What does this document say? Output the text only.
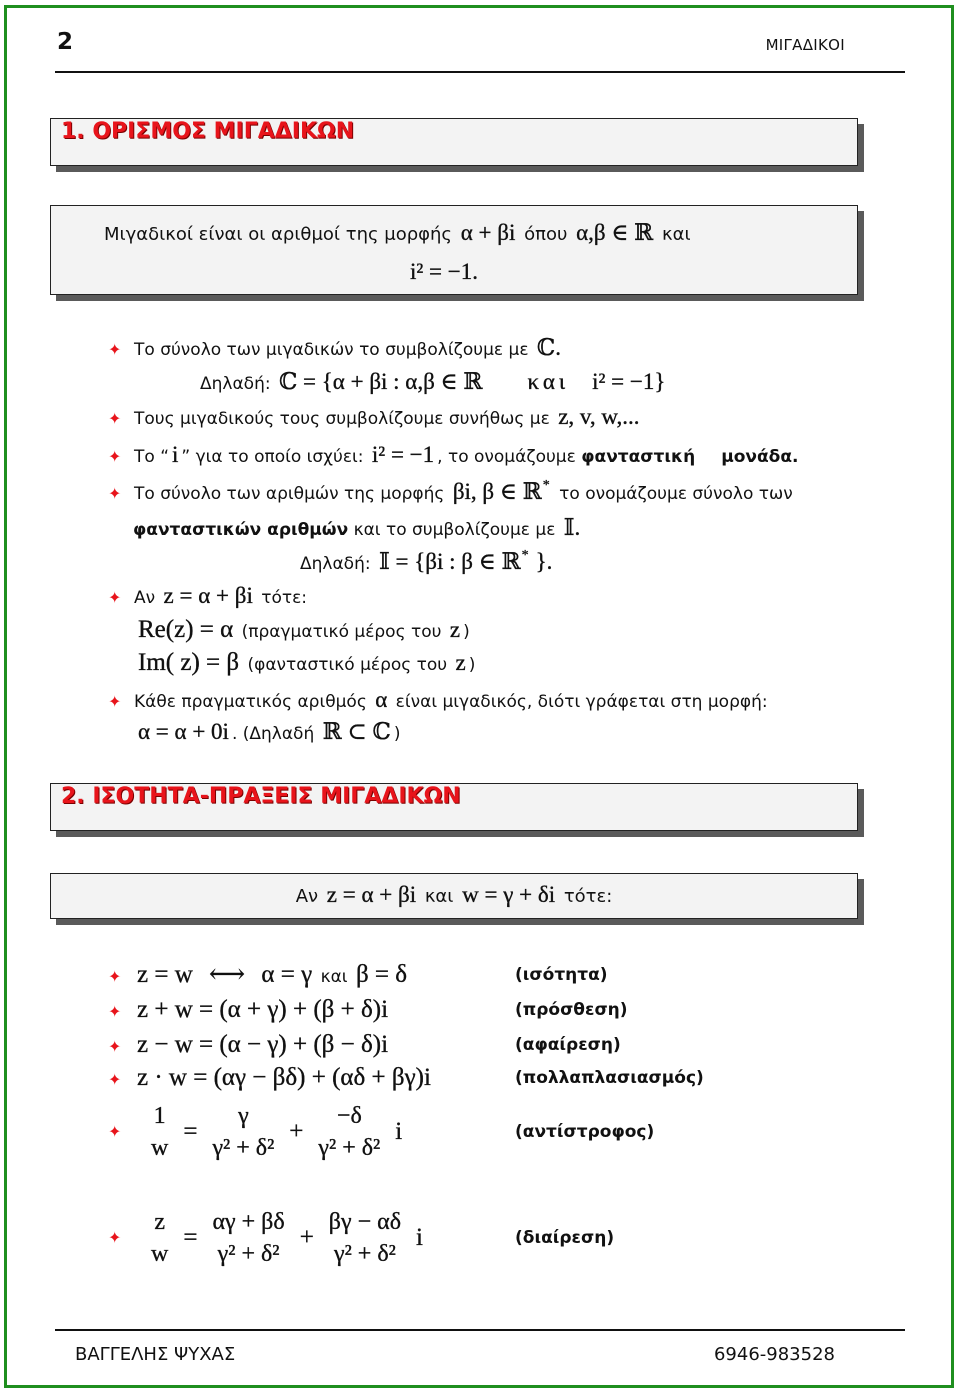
2	ΜΙΓΑΔΙΚΟΙ
1. ΟΡΙΣΜΟΣ ΜΙΓΑΔΙΚΩΝ
Μιγαδικοί είναι οι αριθμοί της μορφής α + βi όπου α,β ∈ ℝ και
i² = −1.
✦Το σύνολο των μιγαδικών το συμβολίζουμε με ℂ.
Δηλαδή: ℂ = {α + βi : α,β ∈ ℝ και i² = −1}
✦Τους μιγαδικούς τους συμβολίζουμε συνήθως με z, v, w,...
✦Το “ i ” για το οποίο ισχύει: i² = −1 , το ονομάζουμε φανταστική μονάδα.
✦Το σύνολο των αριθμών της μορφής βi, β ∈ ℝ* το ονομάζουμε σύνολο των
φανταστικών αριθμών και το συμβολίζουμε με 𝕀.
Δηλαδή: 𝕀 = {βi : β ∈ ℝ* }.
✦Αν z = α + βi τότε:
Re(z) = α (πραγματικό μέρος του z )
Im( z) = β (φανταστικό μέρος του z )
✦Κάθε πραγματικός αριθμός α είναι μιγαδικός, διότι γράφεται στη μορφή:
α = α + 0i . (Δηλαδή ℝ ⊂ ℂ )
2. ΙΣΟΤΗΤΑ-ΠΡΑΞΕΙΣ ΜΙΓΑΔΙΚΩΝ
Αν z = α + βi και w = γ + δi τότε:
✦z = w ⟷ α = γ και β = δ	(ισότητα)
✦z + w = (α + γ) + (β + δ)i	(πρόσθεση)
✦z − w = (α − γ) + (β − δ)i	(αφαίρεση)
✦z · w = (αγ − βδ) + (αδ + βγ)i	(πολλαπλασιασμός)
✦
1
w
=
γ
γ² + δ²
+
−δ
γ² + δ²
i	(αντίστροφος)
✦
z
w
=
αγ + βδ
γ² + δ²
+
βγ − αδ
γ² + δ²
i	(διαίρεση)
ΒΑΓΓΕΛΗΣ ΨΥΧΑΣ	6946-983528
